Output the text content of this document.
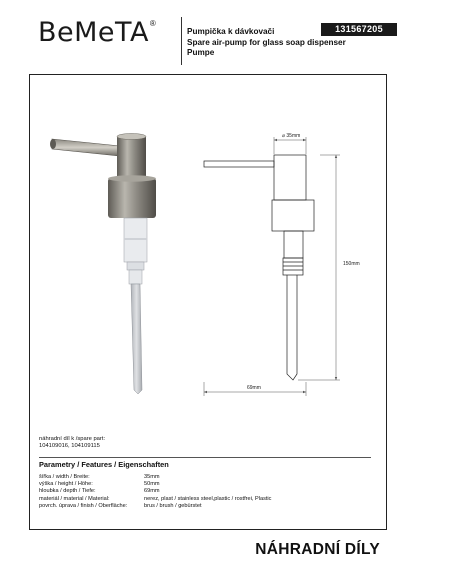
BeMeTA ®
Pumpička k dávkovači
Spare air-pump for glass soap dispenser
Pumpe
131567205
⌀ 35mm
150mm
69mm
náhradní díl k /spare part:
104109016, 104109115
Parametry / Features / Eigenschaften
šířka / width / Breite:	35mm
výška / height / Höhe:	50mm
hloubka / depth / Tiefe:	69mm
materiál / material / Material:	nerez, plast / stainless steel,plastic / rostfrei, Plastic
povrch. úprava / finish / Oberfläche:	brus / brush / gebürstet
NÁHRADNÍ DÍLY
